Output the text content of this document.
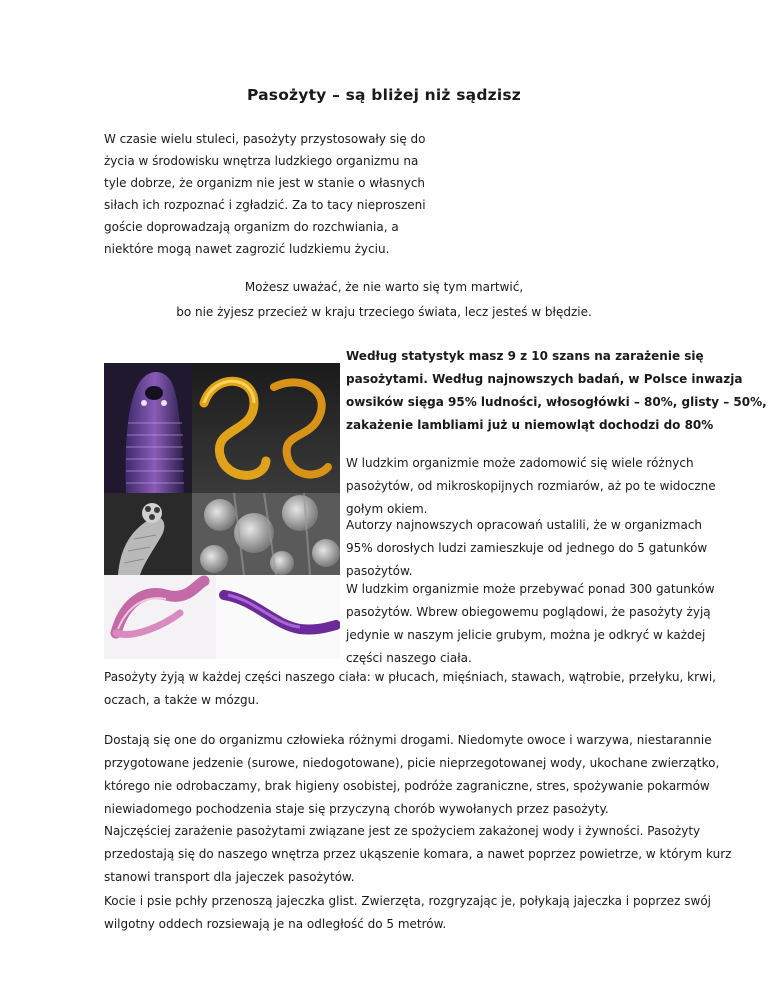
Pasożyty – są bliżej niż sądzisz

W czasie wielu stuleci, pasożyty przystosowały się do

życia w środowisku wnętrza ludzkiego organizmu na

tyle dobrze, że organizm nie jest w stanie o własnych

siłach ich rozpoznać i zgładzić. Za to tacy nieproszeni

goście doprowadzają organizm do rozchwiania, a

niektóre mogą nawet zagrozić ludzkiemu życiu.

Możesz uważać, że nie warto się tym martwić,

bo nie żyjesz przecież w kraju trzeciego świata, lecz jesteś w błędzie.

Według statystyk masz 9 z 10 szans na zarażenie się

pasożytami. Według najnowszych badań, w Polsce inwazja

owsików sięga 95% ludności, włosogłówki – 80%, glisty – 50%,

zakażenie lambliami już u niemowląt dochodzi do 80%

W ludzkim organizmie może zadomowić się wiele różnych

pasożytów, od mikroskopijnych rozmiarów, aż po te widoczne

gołym okiem.

Autorzy najnowszych opracowań ustalili, że w organizmach

95% dorosłych ludzi zamieszkuje od jednego do 5 gatunków

pasożytów.

W ludzkim organizmie może przebywać ponad 300 gatunków

pasożytów. Wbrew obiegowemu poglądowi, że pasożyty żyją

jedynie w naszym jelicie grubym, można je odkryć w każdej

części naszego ciała.

Pasożyty żyją w każdej części naszego ciała: w płucach, mięśniach, stawach, wątrobie, przełyku, krwi,

oczach, a także w mózgu.

Dostają się one do organizmu człowieka różnymi drogami. Niedomyte owoce i warzywa, niestarannie

przygotowane jedzenie (surowe, niedogotowane), picie nieprzegotowanej wody, ukochane zwierzątko,

którego nie odrobaczamy, brak higieny osobistej, podróże zagraniczne, stres, spożywanie pokarmów

niewiadomego pochodzenia staje się przyczyną chorób wywołanych przez pasożyty.

Najczęściej zarażenie pasożytami związane jest ze spożyciem zakażonej wody i żywności. Pasożyty

przedostają się do naszego wnętrza przez ukąszenie komara, a nawet poprzez powietrze, w którym kurz

stanowi transport dla jajeczek pasożytów.

Kocie i psie pchły przenoszą jajeczka glist. Zwierzęta, rozgryzając je, połykają jajeczka i poprzez swój

wilgotny oddech rozsiewają je na odległość do 5 metrów.
